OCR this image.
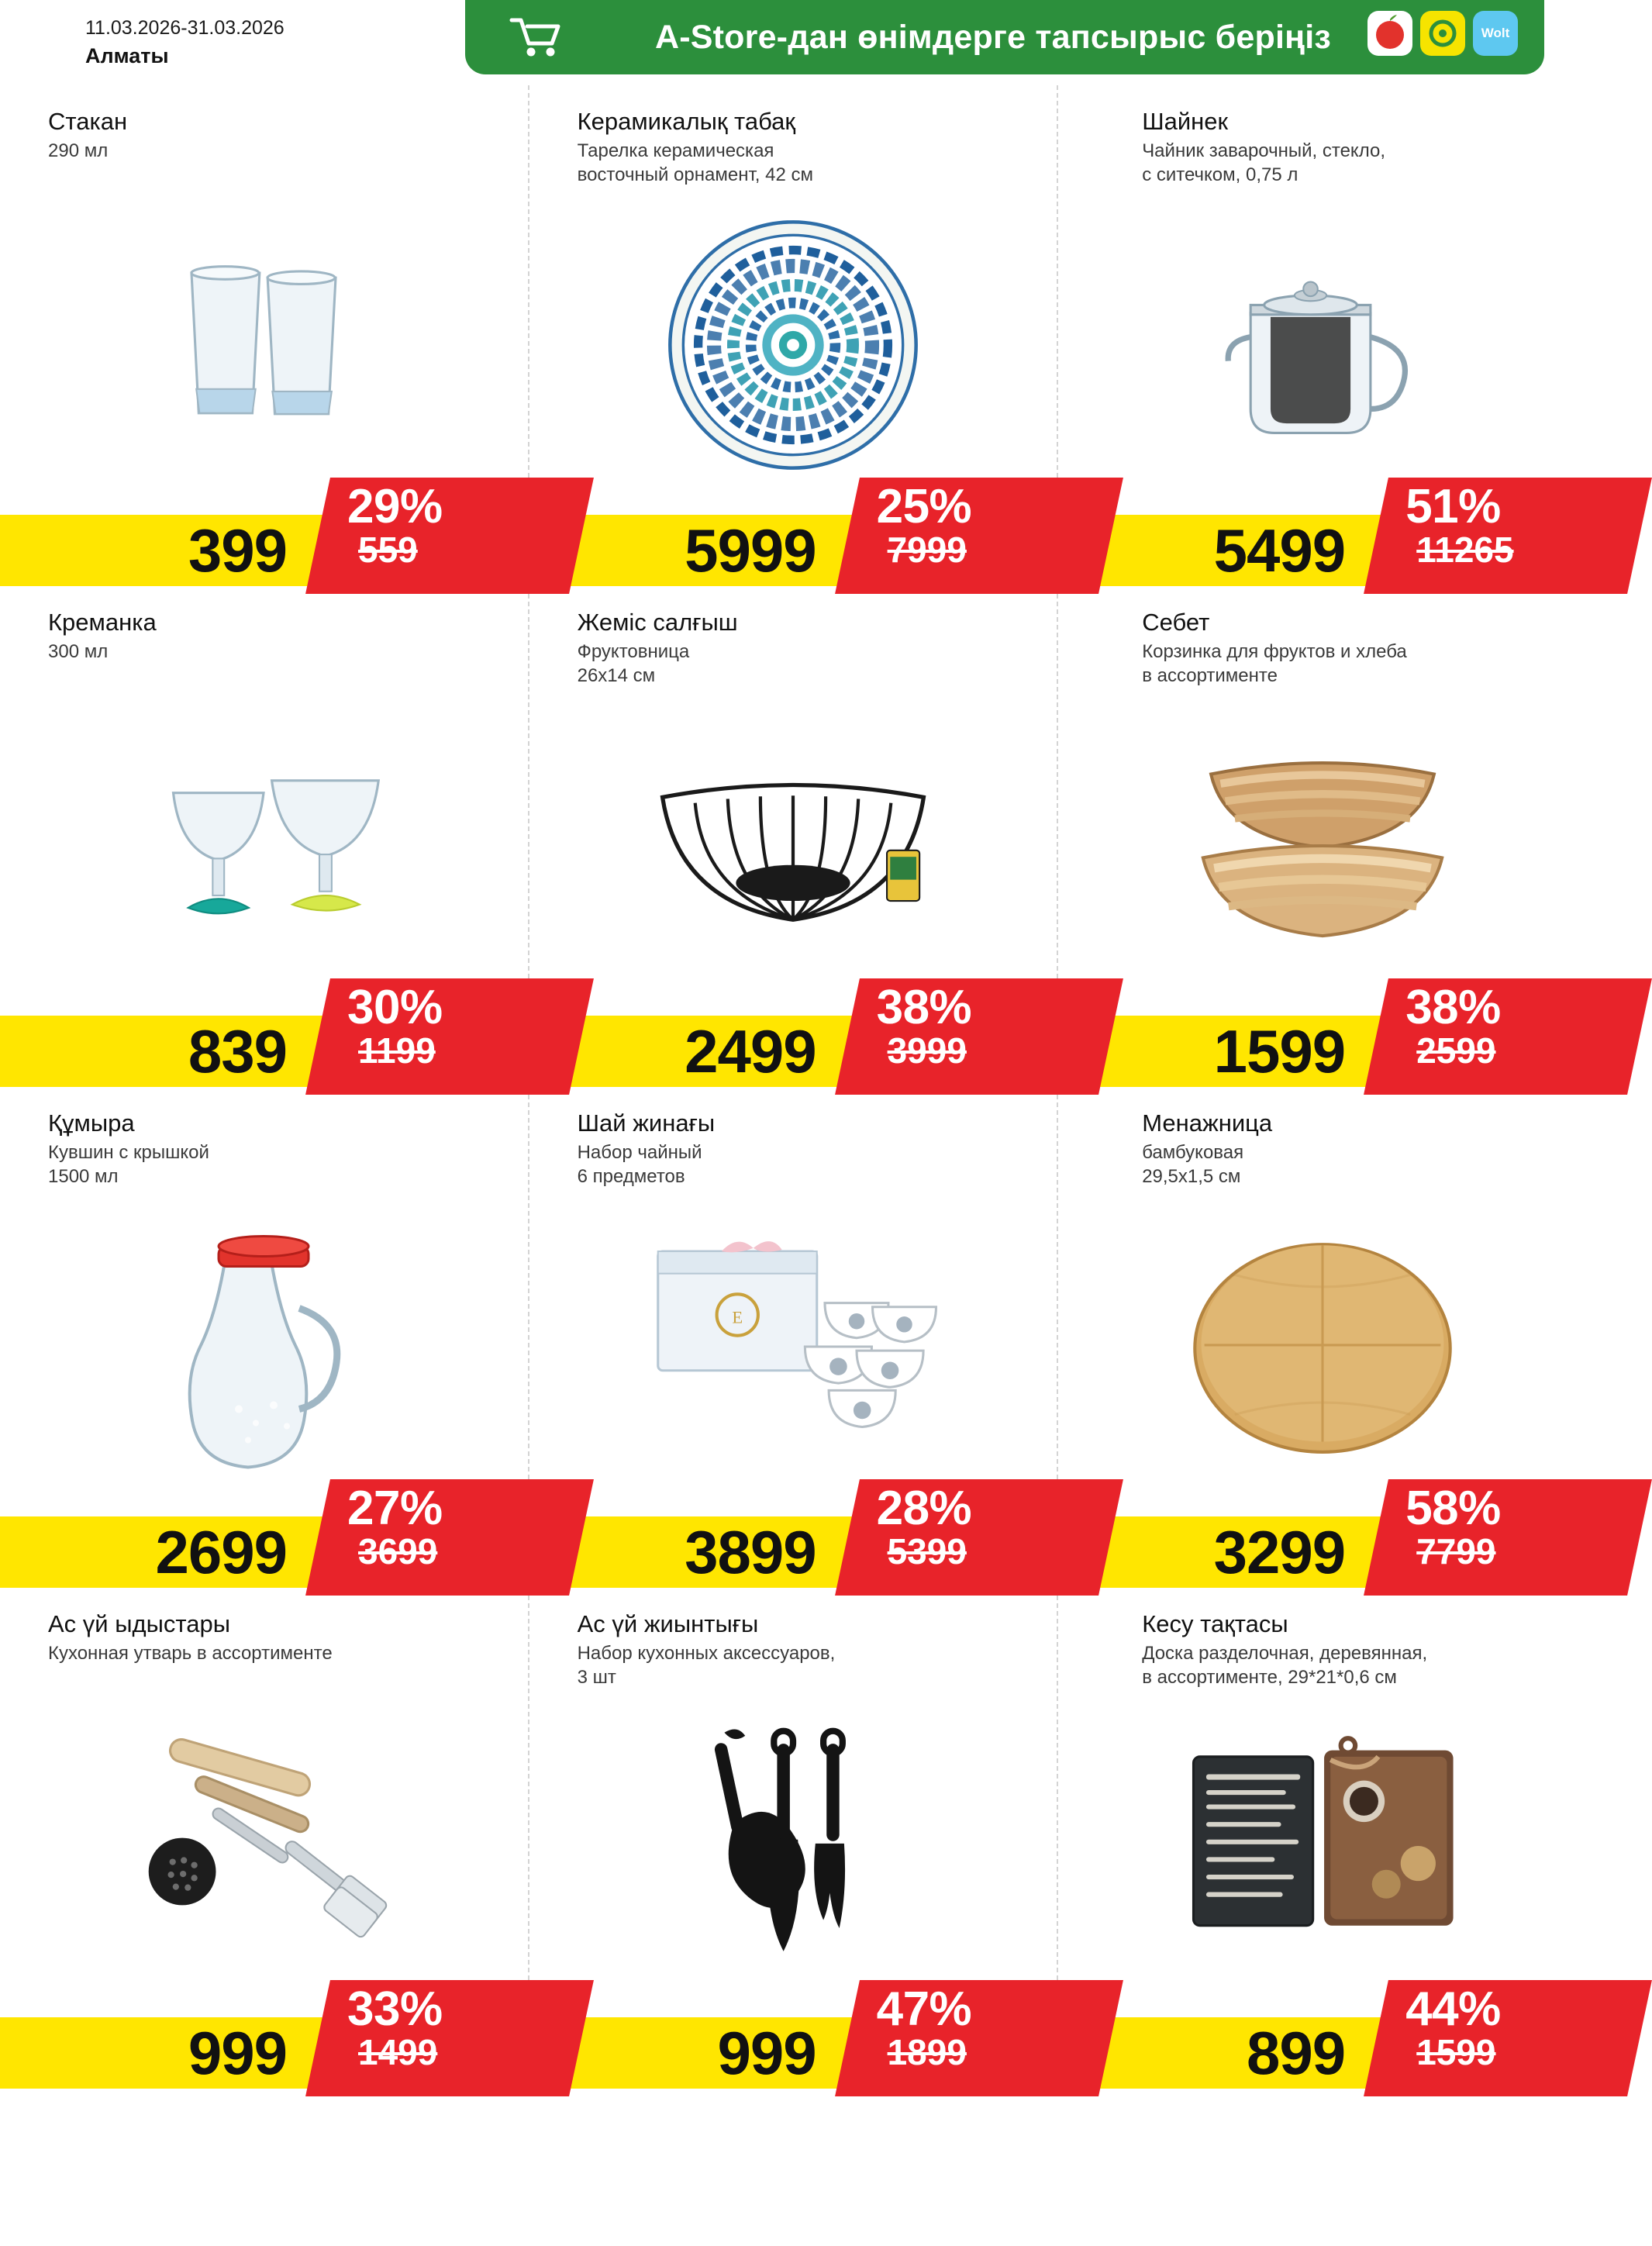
11.03.2026-31.03.2026
Алматы
A-Store-дан өнімдерге тапсырыс беріңіз	Wolt
Стакан
290 мл
399
29%
559
Керамикалық табақ
Тарелка керамическая
восточный орнамент, 42 см
5999
25%
7999
Шайнек
Чайник заварочный, стекло,
с ситечком, 0,75 л
5499
51%
11265
Креманка
300 мл
839
30%
1199
Жеміс салғыш
Фруктовница
26x14 см
2499
38%
3999
Себет
Корзинка для фруктов и хлеба
в ассортименте
1599
38%
2599
Құмыра
Кувшин с крышкой
1500 мл
2699
27%
3699
Шай жинағы
Набор чайный
6 предметов
E
3899
28%
5399
Менажница
бамбуковая
29,5x1,5 см
3299
58%
7799
Ас үй ыдыстары
Кухонная утварь в ассортименте
999
33%
1499
Ас үй жиынтығы
Набор кухонных аксессуаров,
3 шт
999
47%
1899
Кесу тақтасы
Доска разделочная, деревянная,
в ассортименте, 29*21*0,6 см
899
44%
1599
